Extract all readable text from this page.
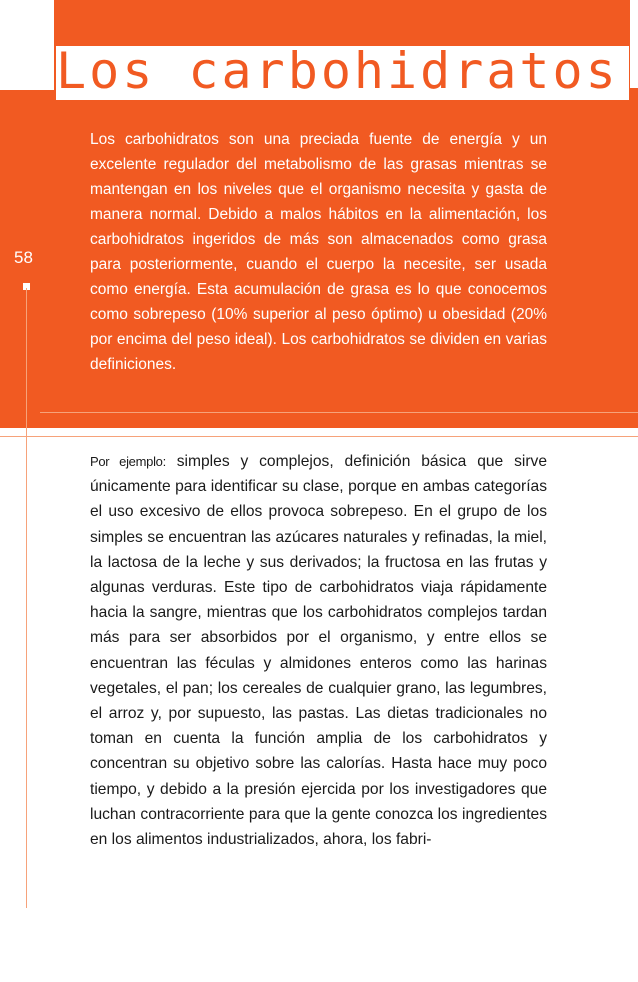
Los carbohidratos
58

Los carbohidratos son una preciada fuente de energía y un excelente regulador del metabolismo de las grasas mientras se mantengan en los niveles que el organismo necesita y gasta de manera normal. Debido a malos hábitos en la alimentación, los carbohidratos ingeridos de más son almacenados como grasa para posteriormente, cuando el cuerpo la necesite, ser usada como energía. Esta acumulación de grasa es lo que conocemos como sobrepeso (10% superior al peso óptimo) u obesidad (20% por encima del peso ideal). Los carbohidratos se dividen en varias definiciones.

Por ejemplo: simples y complejos, definición básica que sirve únicamente para identificar su clase, porque en ambas categorías el uso excesivo de ellos provoca sobrepeso. En el grupo de los simples se encuentran las azúcares naturales y refinadas, la miel, la lactosa de la leche y sus derivados; la fructosa en las frutas y algunas verduras. Este tipo de carbohidratos viaja rápidamente hacia la sangre, mientras que los carbohidratos complejos tardan más para ser absorbidos por el organismo, y entre ellos se encuentran las féculas y almidones enteros como las harinas vegetales, el pan; los cereales de cualquier grano, las legumbres, el arroz y, por supuesto, las pastas. Las dietas tradicionales no toman en cuenta la función amplia de los carbohidratos y concentran su objetivo sobre las calorías. Hasta hace muy poco tiempo, y debido a la presión ejercida por los investigadores que luchan contracorriente para que la gente conozca los ingredientes en los alimentos industrializados, ahora, los fabri-
